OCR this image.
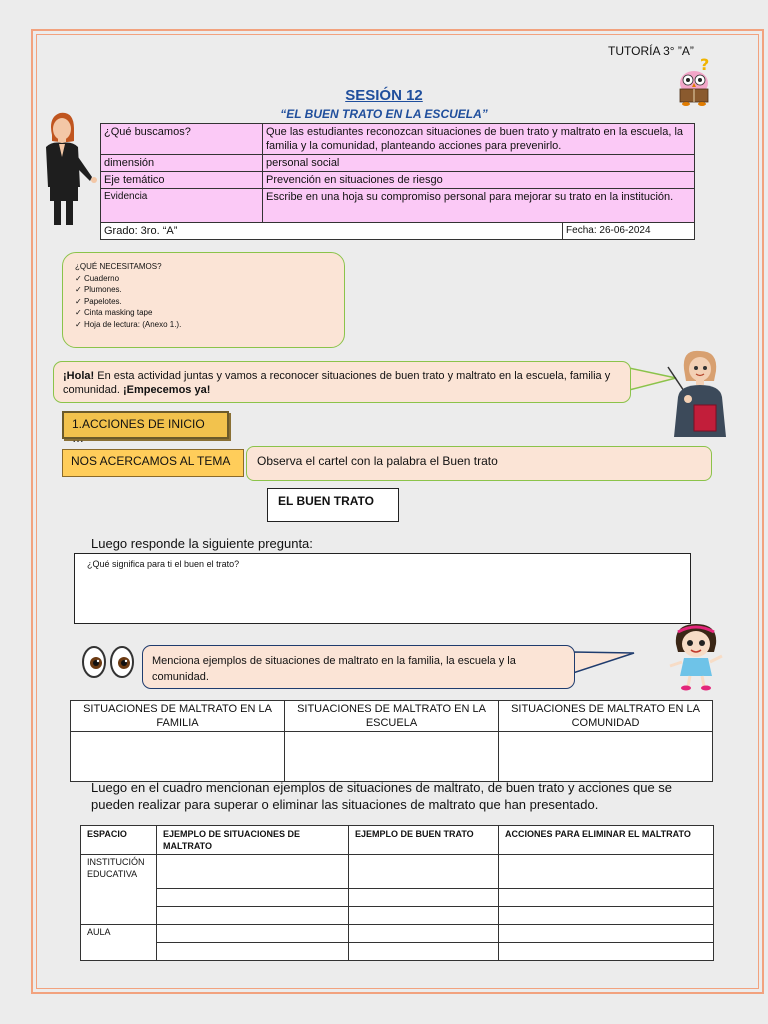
TUTORÍA 3° ”A”
?
SESIÓN 12
“EL BUEN TRATO EN LA ESCUELA”
¿Qué buscamos?	Que las estudiantes reconozcan situaciones de buen trato y maltrato en la escuela, la familia y la comunidad, planteando acciones para prevenirlo.	
dimensión	personal social	
Eje temático	Prevención en situaciones de riesgo	
Evidencia	Escribe en una hoja su compromiso personal para mejorar su trato en la institución.	
Grado: 3ro. “A”		Fecha: 26-06-2024
¿QUÉ NECESITAMOS?
✓ Cuaderno
✓ Plumones.
✓ Papelotes.
✓ Cinta masking tape
✓ Hoja de lectura: (Anexo 1.).
¡Hola! En esta actividad juntas y vamos a reconocer situaciones de buen trato y maltrato en la escuela, familia y comunidad. ¡Empecemos ya!
1.ACCIONES DE INICIO …
NOS ACERCAMOS AL TEMA	Observa el cartel con la palabra el Buen trato
EL BUEN TRATO
Luego responde la siguiente pregunta:
¿Qué significa para ti el buen el trato?
Menciona ejemplos de situaciones de maltrato en la familia, la escuela y la comunidad.
SITUACIONES DE MALTRATO EN LA FAMILIA	SITUACIONES DE MALTRATO EN LA ESCUELA	SITUACIONES DE MALTRATO EN LA COMUNIDAD

Luego en el cuadro mencionan ejemplos de situaciones de maltrato, de buen trato y acciones que se pueden realizar para superar o eliminar las situaciones de maltrato que han presentado.
ESPACIO	EJEMPLO DE SITUACIONES DE MALTRATO	EJEMPLO DE BUEN TRATO	ACCIONES PARA ELIMINAR EL MALTRATO
INSTITUCIÓN EDUCATIVA			

AULA			
